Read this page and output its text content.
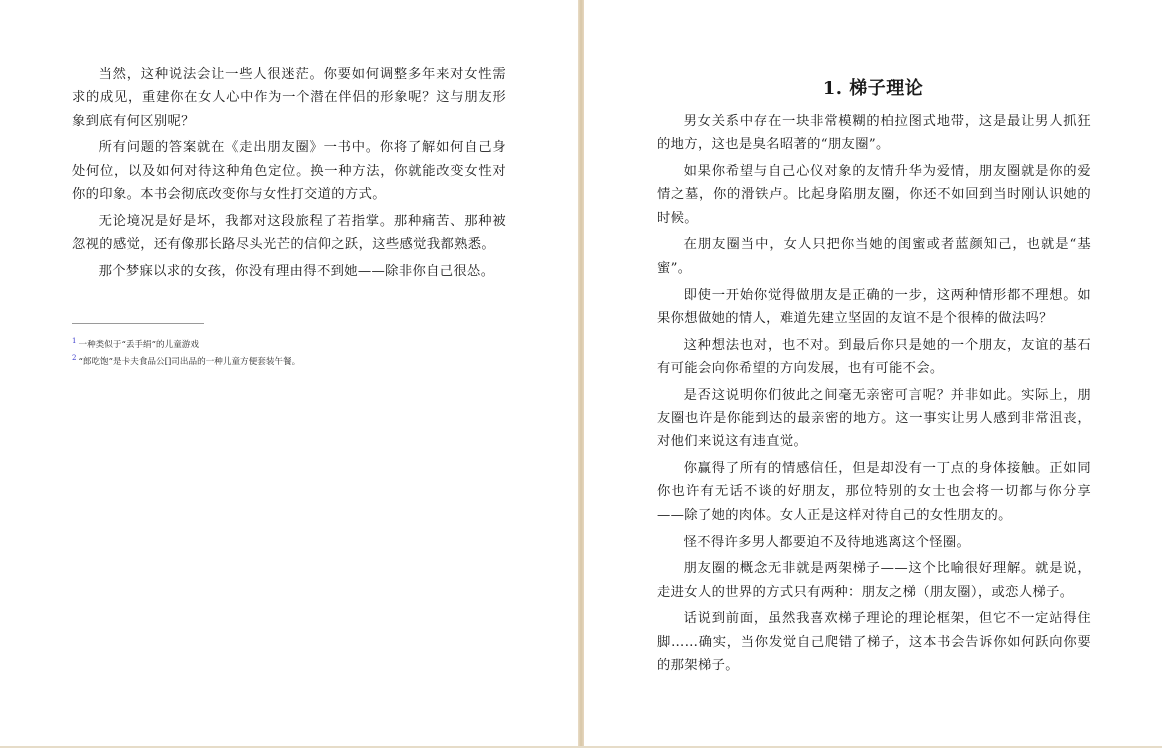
当然，这种说法会让一些人很迷茫。你要如何调整多年来对女性需求的成见，重建你在女人心中作为一个潜在伴侣的形象呢？这与朋友形象到底有何区别呢？

所有问题的答案就在《走出朋友圈》一书中。你将了解如何自己身处何位，以及如何对待这种角色定位。换一种方法，你就能改变女性对你的印象。本书会彻底改变你与女性打交道的方式。

无论境况是好是坏，我都对这段旅程了若指掌。那种痛苦、那种被忽视的感觉，还有像那长路尽头光芒的信仰之跃，这些感觉我都熟悉。

那个梦寐以求的女孩，你没有理由得不到她——除非你自己很怂。

$^1$ 一种类似于“丢手绢”的儿童游戏
$^2$ “郎吃饱”是卡夫食品公[]司出品的一种儿童方便套装午餐。
1. 梯子理论

男女关系中存在一块非常模糊的柏拉图式地带，这是最让男人抓狂的地方，这也是臭名昭著的“朋友圈”。

如果你希望与自己心仪对象的友情升华为爱情，朋友圈就是你的爱情之墓，你的滑铁卢。比起身陷朋友圈，你还不如回到当时刚认识她的时候。

在朋友圈当中，女人只把你当她的闺蜜或者蓝颜知己，也就是“基蜜”。

即使一开始你觉得做朋友是正确的一步，这两种情形都不理想。如果你想做她的情人，难道先建立坚固的友谊不是个很棒的做法吗？

这种想法也对，也不对。到最后你只是她的一个朋友，友谊的基石有可能会向你希望的方向发展，也有可能不会。

是否这说明你们彼此之间毫无亲密可言呢？并非如此。实际上，朋友圈也许是你能到达的最亲密的地方。这一事实让男人感到非常沮丧，对他们来说这有违直觉。

你赢得了所有的情感信任，但是却没有一丁点的身体接触。正如同你也许有无话不谈的好朋友，那位特别的女士也会将一切都与你分享——除了她的肉体。女人正是这样对待自己的女性朋友的。

怪不得许多男人都要迫不及待地逃离这个怪圈。

朋友圈的概念无非就是两架梯子——这个比喻很好理解。就是说，走进女人的世界的方式只有两种：朋友之梯（朋友圈），或恋人梯子。

话说到前面，虽然我喜欢梯子理论的理论框架，但它不一定站得住脚……确实，当你发觉自己爬错了梯子，这本书会告诉你如何跃向你要的那架梯子。
